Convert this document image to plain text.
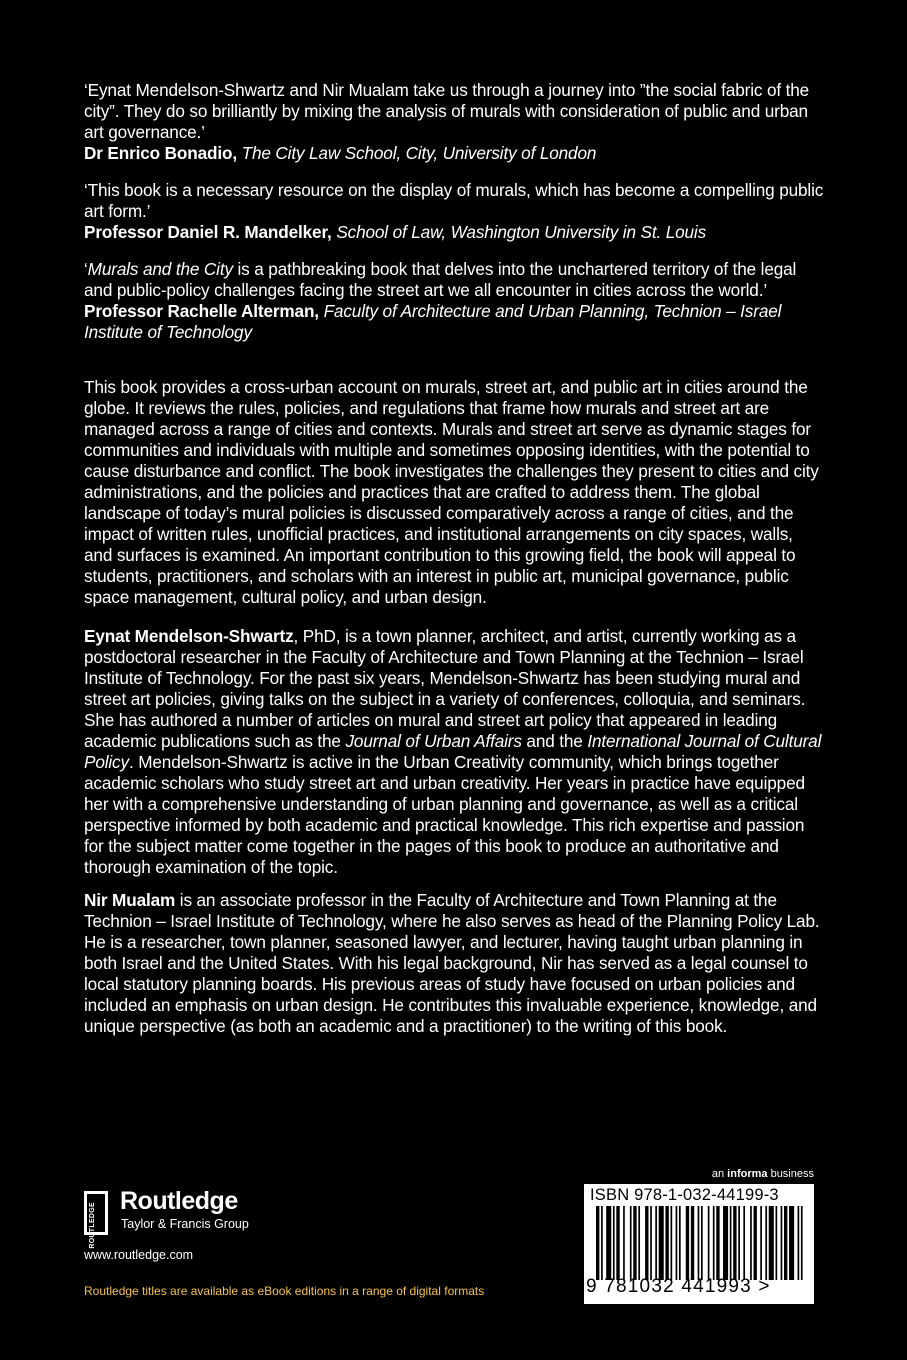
‘Eynat Mendelson-Shwartz and Nir Mualam take us through a journey into ”the social fabric of the city”. They do so brilliantly by mixing the analysis of murals with consideration of public and urban art governance.’

Dr Enrico Bonadio, The City Law School, City, University of London

‘This book is a necessary resource on the display of murals, which has become a compelling public art form.’

Professor Daniel R. Mandelker, School of Law, Washington University in St. Louis

‘Murals and the City is a pathbreaking book that delves into the unchartered territory of the legal and public-policy challenges facing the street art we all encounter in cities across the world.’

Professor Rachelle Alterman, Faculty of Architecture and Urban Planning, Technion – Israel Institute of Technology

This book provides a cross-urban account on murals, street art, and public art in cities around the globe. It reviews the rules, policies, and regulations that frame how murals and street art are managed across a range of cities and contexts. Murals and street art serve as dynamic stages for communities and individuals with multiple and sometimes opposing identities, with the potential to cause disturbance and conflict. The book investigates the challenges they present to cities and city administrations, and the policies and practices that are crafted to address them. The global landscape of today’s mural policies is discussed comparatively across a range of cities, and the impact of written rules, unofficial practices, and institutional arrangements on city spaces, walls, and surfaces is examined. An important contribution to this growing field, the book will appeal to students, practitioners, and scholars with an interest in public art, municipal governance, public space management, cultural policy, and urban design.

Eynat Mendelson-Shwartz, PhD, is a town planner, architect, and artist, currently working as a postdoctoral researcher in the Faculty of Architecture and Town Planning at the Technion – Israel Institute of Technology. For the past six years, Mendelson-Shwartz has been studying mural and street art policies, giving talks on the subject in a variety of conferences, colloquia, and seminars. She has authored a number of articles on mural and street art policy that appeared in leading academic publications such as the Journal of Urban Affairs and the International Journal of Cultural Policy. Mendelson-Shwartz is active in the Urban Creativity community, which brings together academic scholars who study street art and urban creativity. Her years in practice have equipped her with a comprehensive understanding of urban planning and governance, as well as a critical perspective informed by both academic and practical knowledge. This rich expertise and passion for the subject matter come together in the pages of this book to produce an authoritative and thorough examination of the topic.

Nir Mualam is an associate professor in the Faculty of Architecture and Town Planning at the Technion – Israel Institute of Technology, where he also serves as head of the Planning Policy Lab. He is a researcher, town planner, seasoned lawyer, and lecturer, having taught urban planning in both Israel and the United States. With his legal background, Nir has served as a legal counsel to local statutory planning boards. His previous areas of study have focused on urban policies and included an emphasis on urban design. He contributes this invaluable experience, knowledge, and unique perspective (as both an academic and a practitioner) to the writing of this book.

ROUTLEDGE
Routledge
Taylor & Francis Group
www.routledge.com
Routledge titles are available as eBook editions in a range of digital formats
an informa business
ISBN 978-1-032-44199-3
9 781032 441993 >
